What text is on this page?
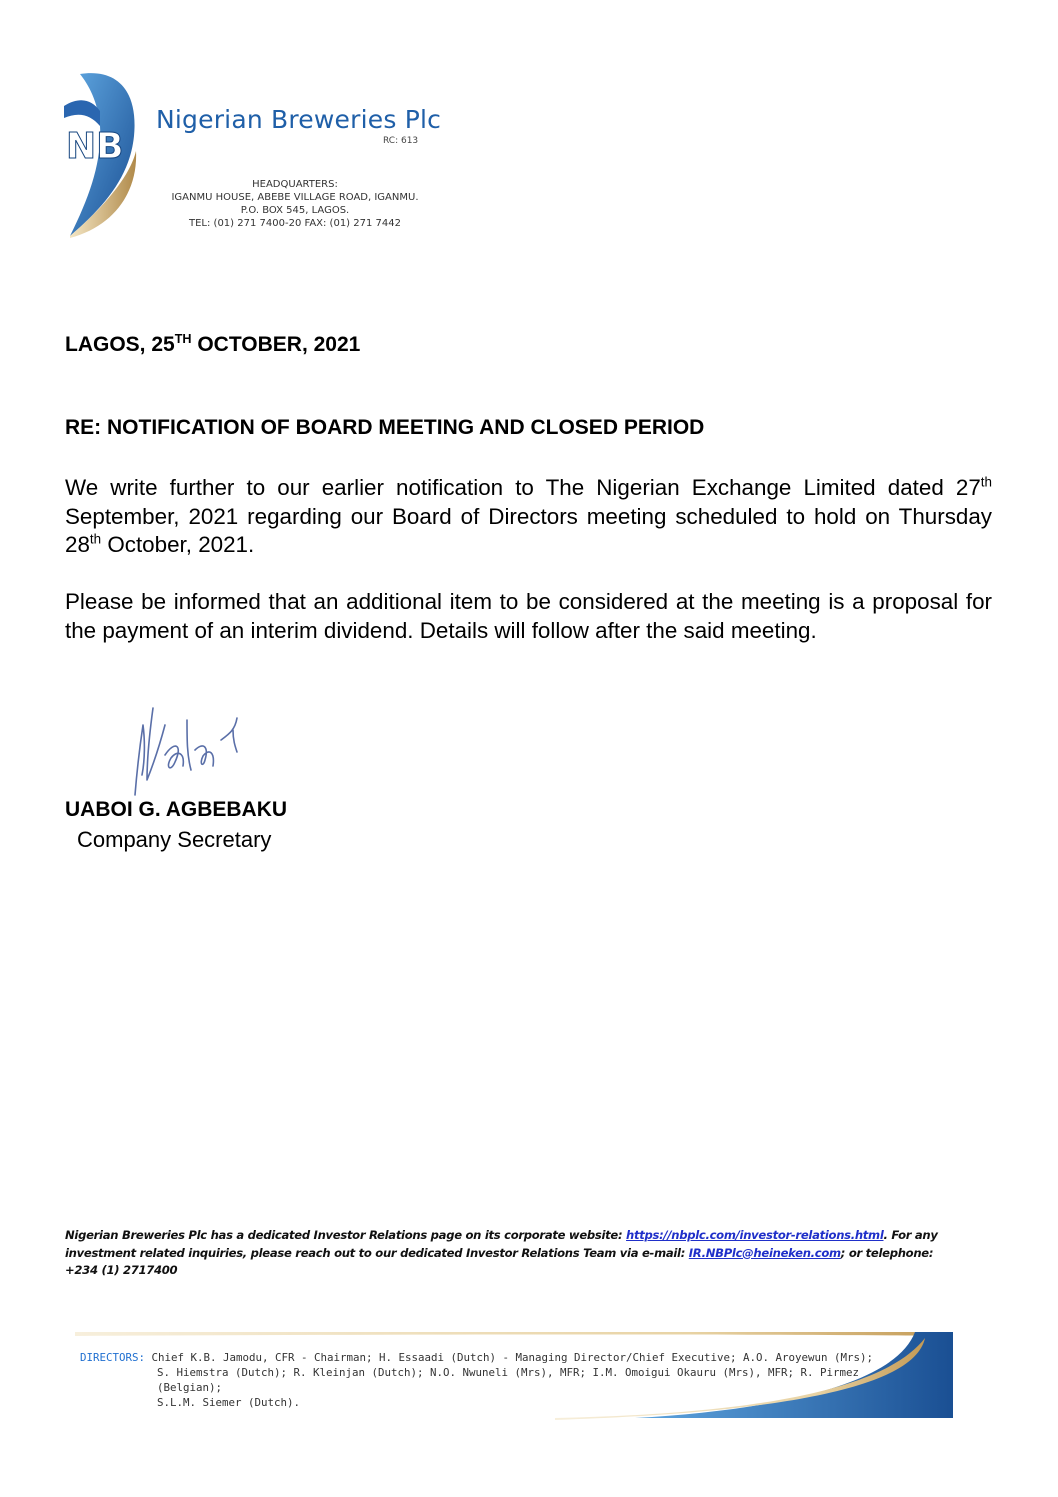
NB
Nigerian Breweries Plc
RC: 613
HEADQUARTERS:
IGANMU HOUSE, ABEBE VILLAGE ROAD, IGANMU.
P.O. BOX 545, LAGOS.
TEL: (01) 271 7400-20 FAX: (01) 271 7442
LAGOS, 25TH OCTOBER, 2021
RE: NOTIFICATION OF BOARD MEETING AND CLOSED PERIOD
We write further to our earlier notification to The Nigerian Exchange Limited dated 27th September, 2021 regarding our Board of Directors meeting scheduled to hold on Thursday 28th October, 2021.
Please be informed that an additional item to be considered at the meeting is a proposal for the payment of an interim dividend. Details will follow after the said meeting.
UABOI G. AGBEBAKU
Company Secretary
Nigerian Breweries Plc has a dedicated Investor Relations page on its corporate website: https://nbplc.com/investor-relations.html. For any investment related inquiries, please reach out to our dedicated Investor Relations Team via e-mail: IR.NBPlc@heineken.com; or telephone:
+234 (1) 2717400
DIRECTORS: Chief K.B. Jamodu, CFR - Chairman; H. Essaadi (Dutch) - Managing Director/Chief Executive; A.O. Aroyewun (Mrs);
S. Hiemstra (Dutch); R. Kleinjan (Dutch); N.O. Nwuneli (Mrs), MFR; I.M. Omoigui Okauru (Mrs), MFR; R. Pirmez (Belgian);
S.L.M. Siemer (Dutch).
